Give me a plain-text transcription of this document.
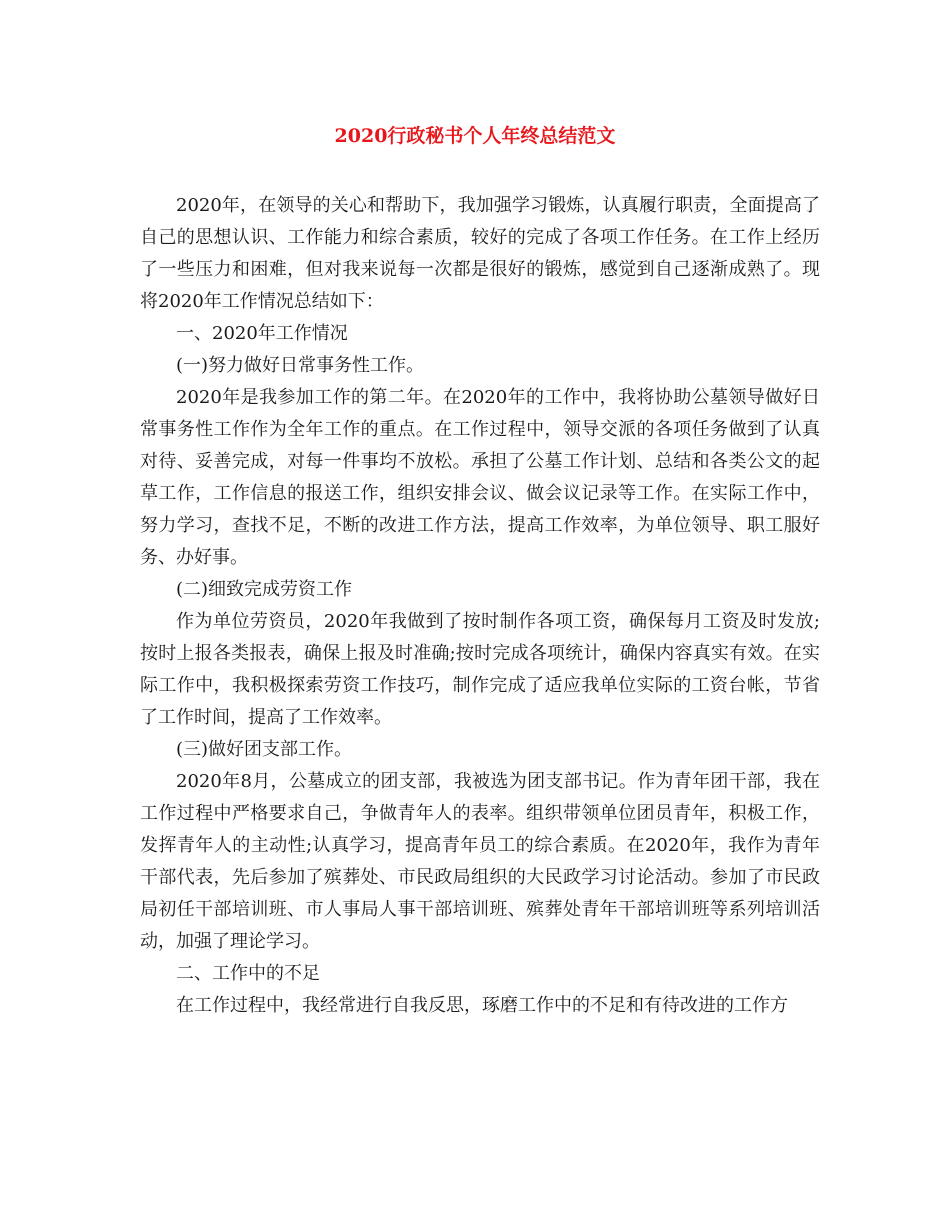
2020行政秘书个人年终总结范文

2020年，在领导的关心和帮助下，我加强学习锻炼，认真履行职责，全面提高了自己的思想认识、工作能力和综合素质，较好的完成了各项工作任务。在工作上经历了一些压力和困难，但对我来说每一次都是很好的锻炼，感觉到自己逐渐成熟了。现将2020年工作情况总结如下：

一、2020年工作情况

(一)努力做好日常事务性工作。

2020年是我参加工作的第二年。在2020年的工作中，我将协助公墓领导做好日常事务性工作作为全年工作的重点。在工作过程中，领导交派的各项任务做到了认真对待、妥善完成，对每一件事均不放松。承担了公墓工作计划、总结和各类公文的起草工作，工作信息的报送工作，组织安排会议、做会议记录等工作。在实际工作中，努力学习，查找不足，不断的改进工作方法，提高工作效率，为单位领导、职工服好务、办好事。

(二)细致完成劳资工作

作为单位劳资员，2020年我做到了按时制作各项工资，确保每月工资及时发放;按时上报各类报表，确保上报及时准确;按时完成各项统计，确保内容真实有效。在实际工作中，我积极探索劳资工作技巧，制作完成了适应我单位实际的工资台帐，节省了工作时间，提高了工作效率。

(三)做好团支部工作。

2020年8月，公墓成立的团支部，我被选为团支部书记。作为青年团干部，我在工作过程中严格要求自己，争做青年人的表率。组织带领单位团员青年，积极工作，发挥青年人的主动性;认真学习，提高青年员工的综合素质。在2020年，我作为青年干部代表，先后参加了殡葬处、市民政局组织的大民政学习讨论活动。参加了市民政局初任干部培训班、市人事局人事干部培训班、殡葬处青年干部培训班等系列培训活动，加强了理论学习。

二、工作中的不足

在工作过程中，我经常进行自我反思，琢磨工作中的不足和有待改进的工作方
